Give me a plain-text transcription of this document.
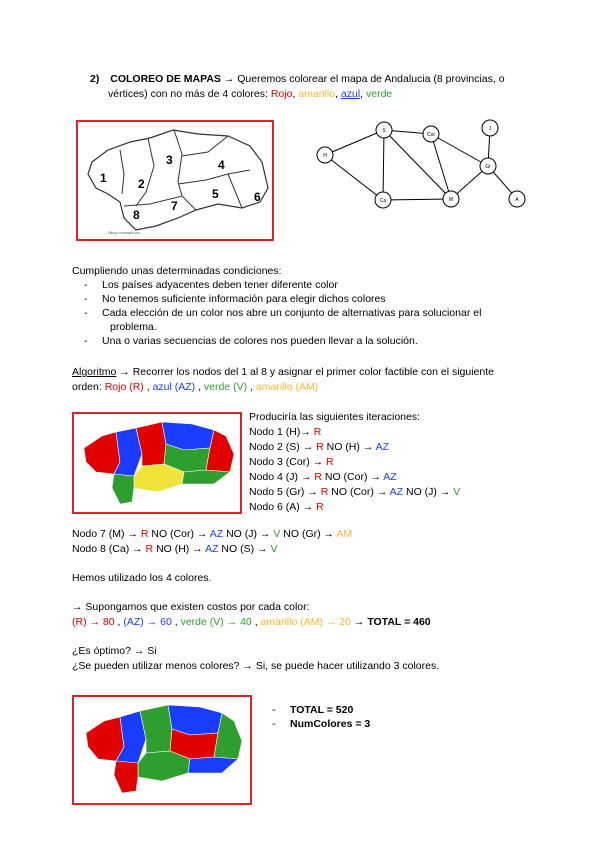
2) COLOREO DE MAPAS → Queremos colorear el mapa de Andalucia (8 provincias, o
vértices) con no más de 4 colores: Rojo, amarillo, azul, verde
1	2
3	4
5	6
7
8
Dibujo coloreado por
S
Cor
J
H
Gr
Ca	M	A
Cumpliendo unas determinadas condiciones:
- Los países adyacentes deben tener diferente color
- No tenemos suficiente información para elegir dichos colores
- Cada elección de un color nos abre un conjunto de alternativas para solucionar el
problema.
- Una o varias secuencias de colores nos pueden llevar a la solución.
Algoritmo → Recorrer los nodos del 1 al 8 y asignar el primer color factible con el siguiente
orden: Rojo (R) , azul (AZ) , verde (V) , amarillo (AM)
Produciría las siguientes iteraciones:
Nodo 1 (H)→ R
Nodo 2 (S) → R NO (H) → AZ
Nodo 3 (Cor) → R
Nodo 4 (J) → R NO (Cor) → AZ
Nodo 5 (Gr) → R NO (Cor) → AZ NO (J) → V
Nodo 6 (A) → R
Nodo 7 (M) → R NO (Cor) → AZ NO (J) → V NO (Gr) → AM
Nodo 8 (Ca) → R NO (H) → AZ NO (S) → V
Hemos utilizado los 4 colores.
→ Supongamos que existen costos por cada color:
(R) → 80 , (AZ) → 60 , verde (V) → 40 , amarillo (AM) → 20 → TOTAL = 460
¿Es óptimo? → Si
¿Se pueden utilizar menos colores? → Si, se puede hacer utilizando 3 colores.
- TOTAL = 520
- NumColores = 3
